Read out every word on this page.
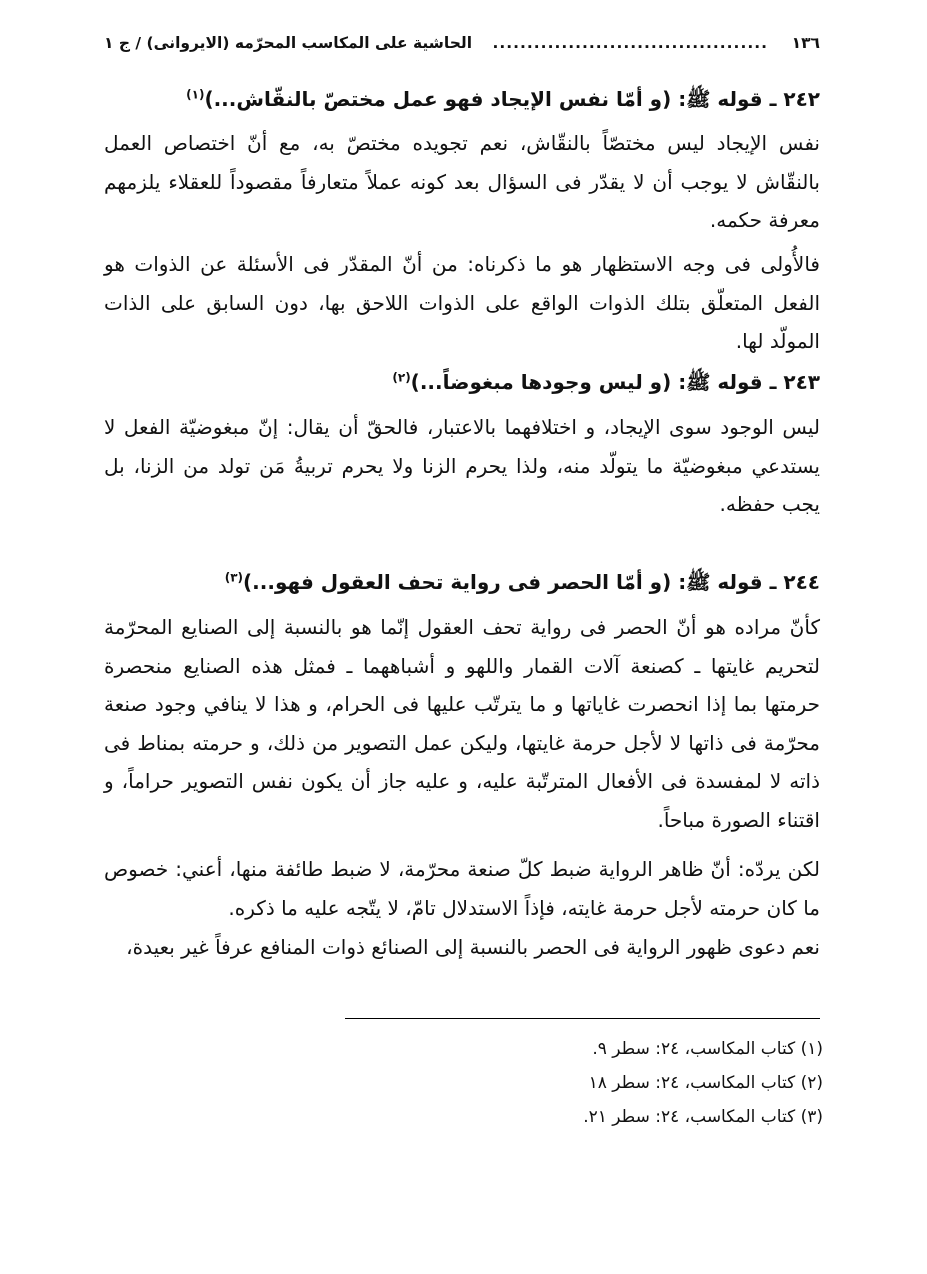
١٣٦
........................................
الحاشية على المكاسب المحرّمه (الايروانى) / ج ١
٢٤٢ ـ قوله ﷺ: (و أمّا نفس الإيجاد فهو عمل مختصّ بالنقّاش...)$^{(١)}$
نفس الإيجاد ليس مختصّاً بالنقّاش، نعم تجويده مختصّ به، مع أنّ اختصاص العمل بالنقّاش لا يوجب أن لا يقدّر فى السؤال بعد كونه عملاً متعارفاً مقصوداً للعقلاء يلزمهم معرفة حكمه.
فالأُولى فى وجه الاستظهار هو ما ذكرناه: من أنّ المقدّر فى الأسئلة عن الذوات هو الفعل المتعلّق بتلك الذوات الواقع على الذوات اللاحق بها، دون السابق على الذات المولّد لها.
٢٤٣ ـ قوله ﷺ: (و ليس وجودها مبغوضاً...)$^{(٢)}$
ليس الوجود سوى الإيجاد، و اختلافهما بالاعتبار، فالحقّ أن يقال: إنّ مبغوضيّة الفعل لا يستدعي مبغوضيّة ما يتولّد منه، ولذا يحرم الزنا ولا يحرم تربيةُ مَن تولد من الزنا، بل يجب حفظه.
٢٤٤ ـ قوله ﷺ: (و أمّا الحصر فى رواية تحف العقول فهو...)$^{(٣)}$
كأنّ مراده هو أنّ الحصر فى رواية تحف العقول إنّما هو بالنسبة إلى الصنايع المحرّمة لتحريم غايتها ـ كصنعة آلات القمار واللهو و أشباههما ـ فمثل هذه الصنايع منحصرة حرمتها بما إذا انحصرت غاياتها و ما يترتّب عليها فى الحرام، و هذا لا ينافي وجود صنعة محرّمة فى ذاتها لا لأجل حرمة غايتها، وليكن عمل التصوير من ذلك، و حرمته بمناط فى ذاته لا لمفسدة فى الأفعال المترتّبة عليه، و عليه جاز أن يكون نفس التصوير حراماً، و اقتناء الصورة مباحاً.
لكن يردّه: أنّ ظاهر الرواية ضبط كلّ صنعة محرّمة، لا ضبط طائفة منها، أعني: خصوص ما كان حرمته لأجل حرمة غايته، فإذاً الاستدلال تامّ، لا يتّجه عليه ما ذكره.
نعم دعوى ظهور الرواية فى الحصر بالنسبة إلى الصنائع ذوات المنافع عرفاً غير بعيدة،
(١) كتاب المكاسب، ٢٤: سطر ٩.
(٢) كتاب المكاسب، ٢٤: سطر ١٨
(٣) كتاب المكاسب، ٢٤: سطر ٢١.
